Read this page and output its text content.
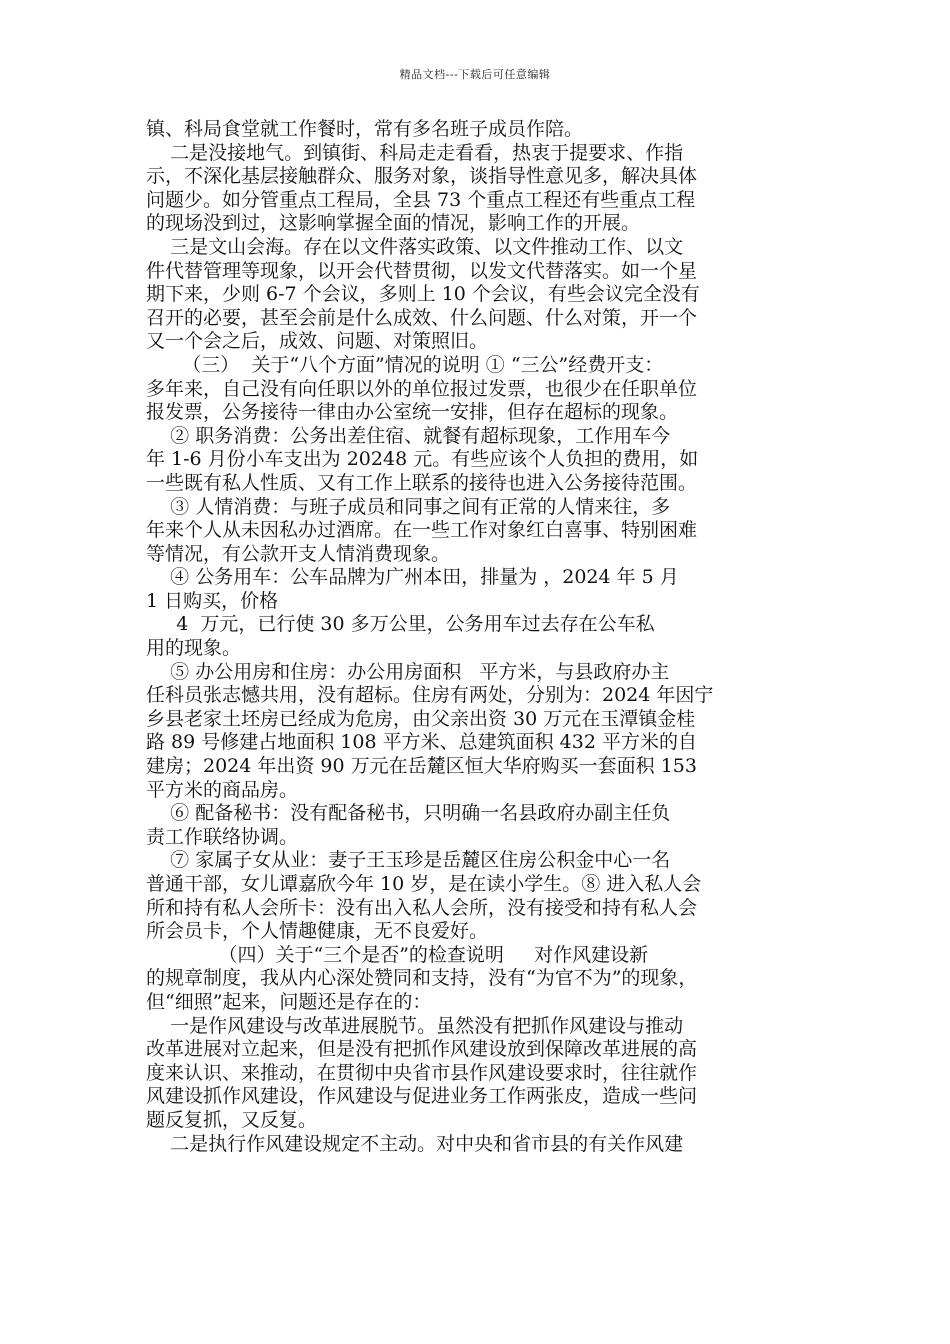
精品文档---下载后可任意编辑
镇、科局食堂就工作餐时，常有多名班子成员作陪。
二是没接地气。到镇街、科局走走看看，热衷于提要求、作指
示，不深化基层接触群众、服务对象，谈指导性意见多，解决具体
问题少。如分管重点工程局，全县 73 个重点工程还有些重点工程
的现场没到过，这影响掌握全面的情况，影响工作的开展。
三是文山会海。存在以文件落实政策、以文件推动工作、以文
件代替管理等现象，以开会代替贯彻，以发文代替落实。如一个星
期下来，少则 6-7 个会议，多则上 10 个会议，有些会议完全没有
召开的必要，甚至会前是什么成效、什么问题、什么对策，开一个
又一个会之后，成效、问题、对策照旧。
（三）  关于“八个方面”情况的说明 ① “三公”经费开支：
多年来，自己没有向任职以外的单位报过发票，也很少在任职单位
报发票，公务接待一律由办公室统一安排，但存在超标的现象。
② 职务消费：公务出差住宿、就餐有超标现象，工作用车今
年 1-6 月份小车支出为 20248 元。有些应该个人负担的费用，如
一些既有私人性质、又有工作上联系的接待也进入公务接待范围。
③ 人情消费：与班子成员和同事之间有正常的人情来往，多
年来个人从未因私办过酒席。在一些工作对象红白喜事、特别困难
等情况，有公款开支人情消费现象。
④ 公务用车：公车品牌为广州本田，排量为 ，2024 年 5 月
1 日购买，价格
4  万元，已行使 30 多万公里，公务用车过去存在公车私
用的现象。
⑤ 办公用房和住房：办公用房面积   平方米，与县政府办主
任科员张志憾共用，没有超标。住房有两处，分别为：2024 年因宁
乡县老家土坯房已经成为危房，由父亲出资 30 万元在玉潭镇金桂
路 89 号修建占地面积 108 平方米、总建筑面积 432 平方米的自
建房；2024 年出资 90 万元在岳麓区恒大华府购买一套面积 153
平方米的商品房。
⑥ 配备秘书：没有配备秘书，只明确一名县政府办副主任负
责工作联络协调。
⑦ 家属子女从业：妻子王玉珍是岳麓区住房公积金中心一名
普通干部，女儿谭嘉欣今年 10 岁，是在读小学生。⑧ 进入私人会
所和持有私人会所卡：没有出入私人会所，没有接受和持有私人会
所会员卡，个人情趣健康，无不良爱好。
（四）关于“三个是否”的检查说明     对作风建设新
的规章制度，我从内心深处赞同和支持，没有“为官不为”的现象，
但“细照”起来，问题还是存在的：
一是作风建设与改革进展脱节。虽然没有把抓作风建设与推动
改革进展对立起来，但是没有把抓作风建设放到保障改革进展的高
度来认识、来推动，在贯彻中央省市县作风建设要求时，往往就作
风建设抓作风建设，作风建设与促进业务工作两张皮，造成一些问
题反复抓，又反复。
二是执行作风建设规定不主动。对中央和省市县的有关作风建
